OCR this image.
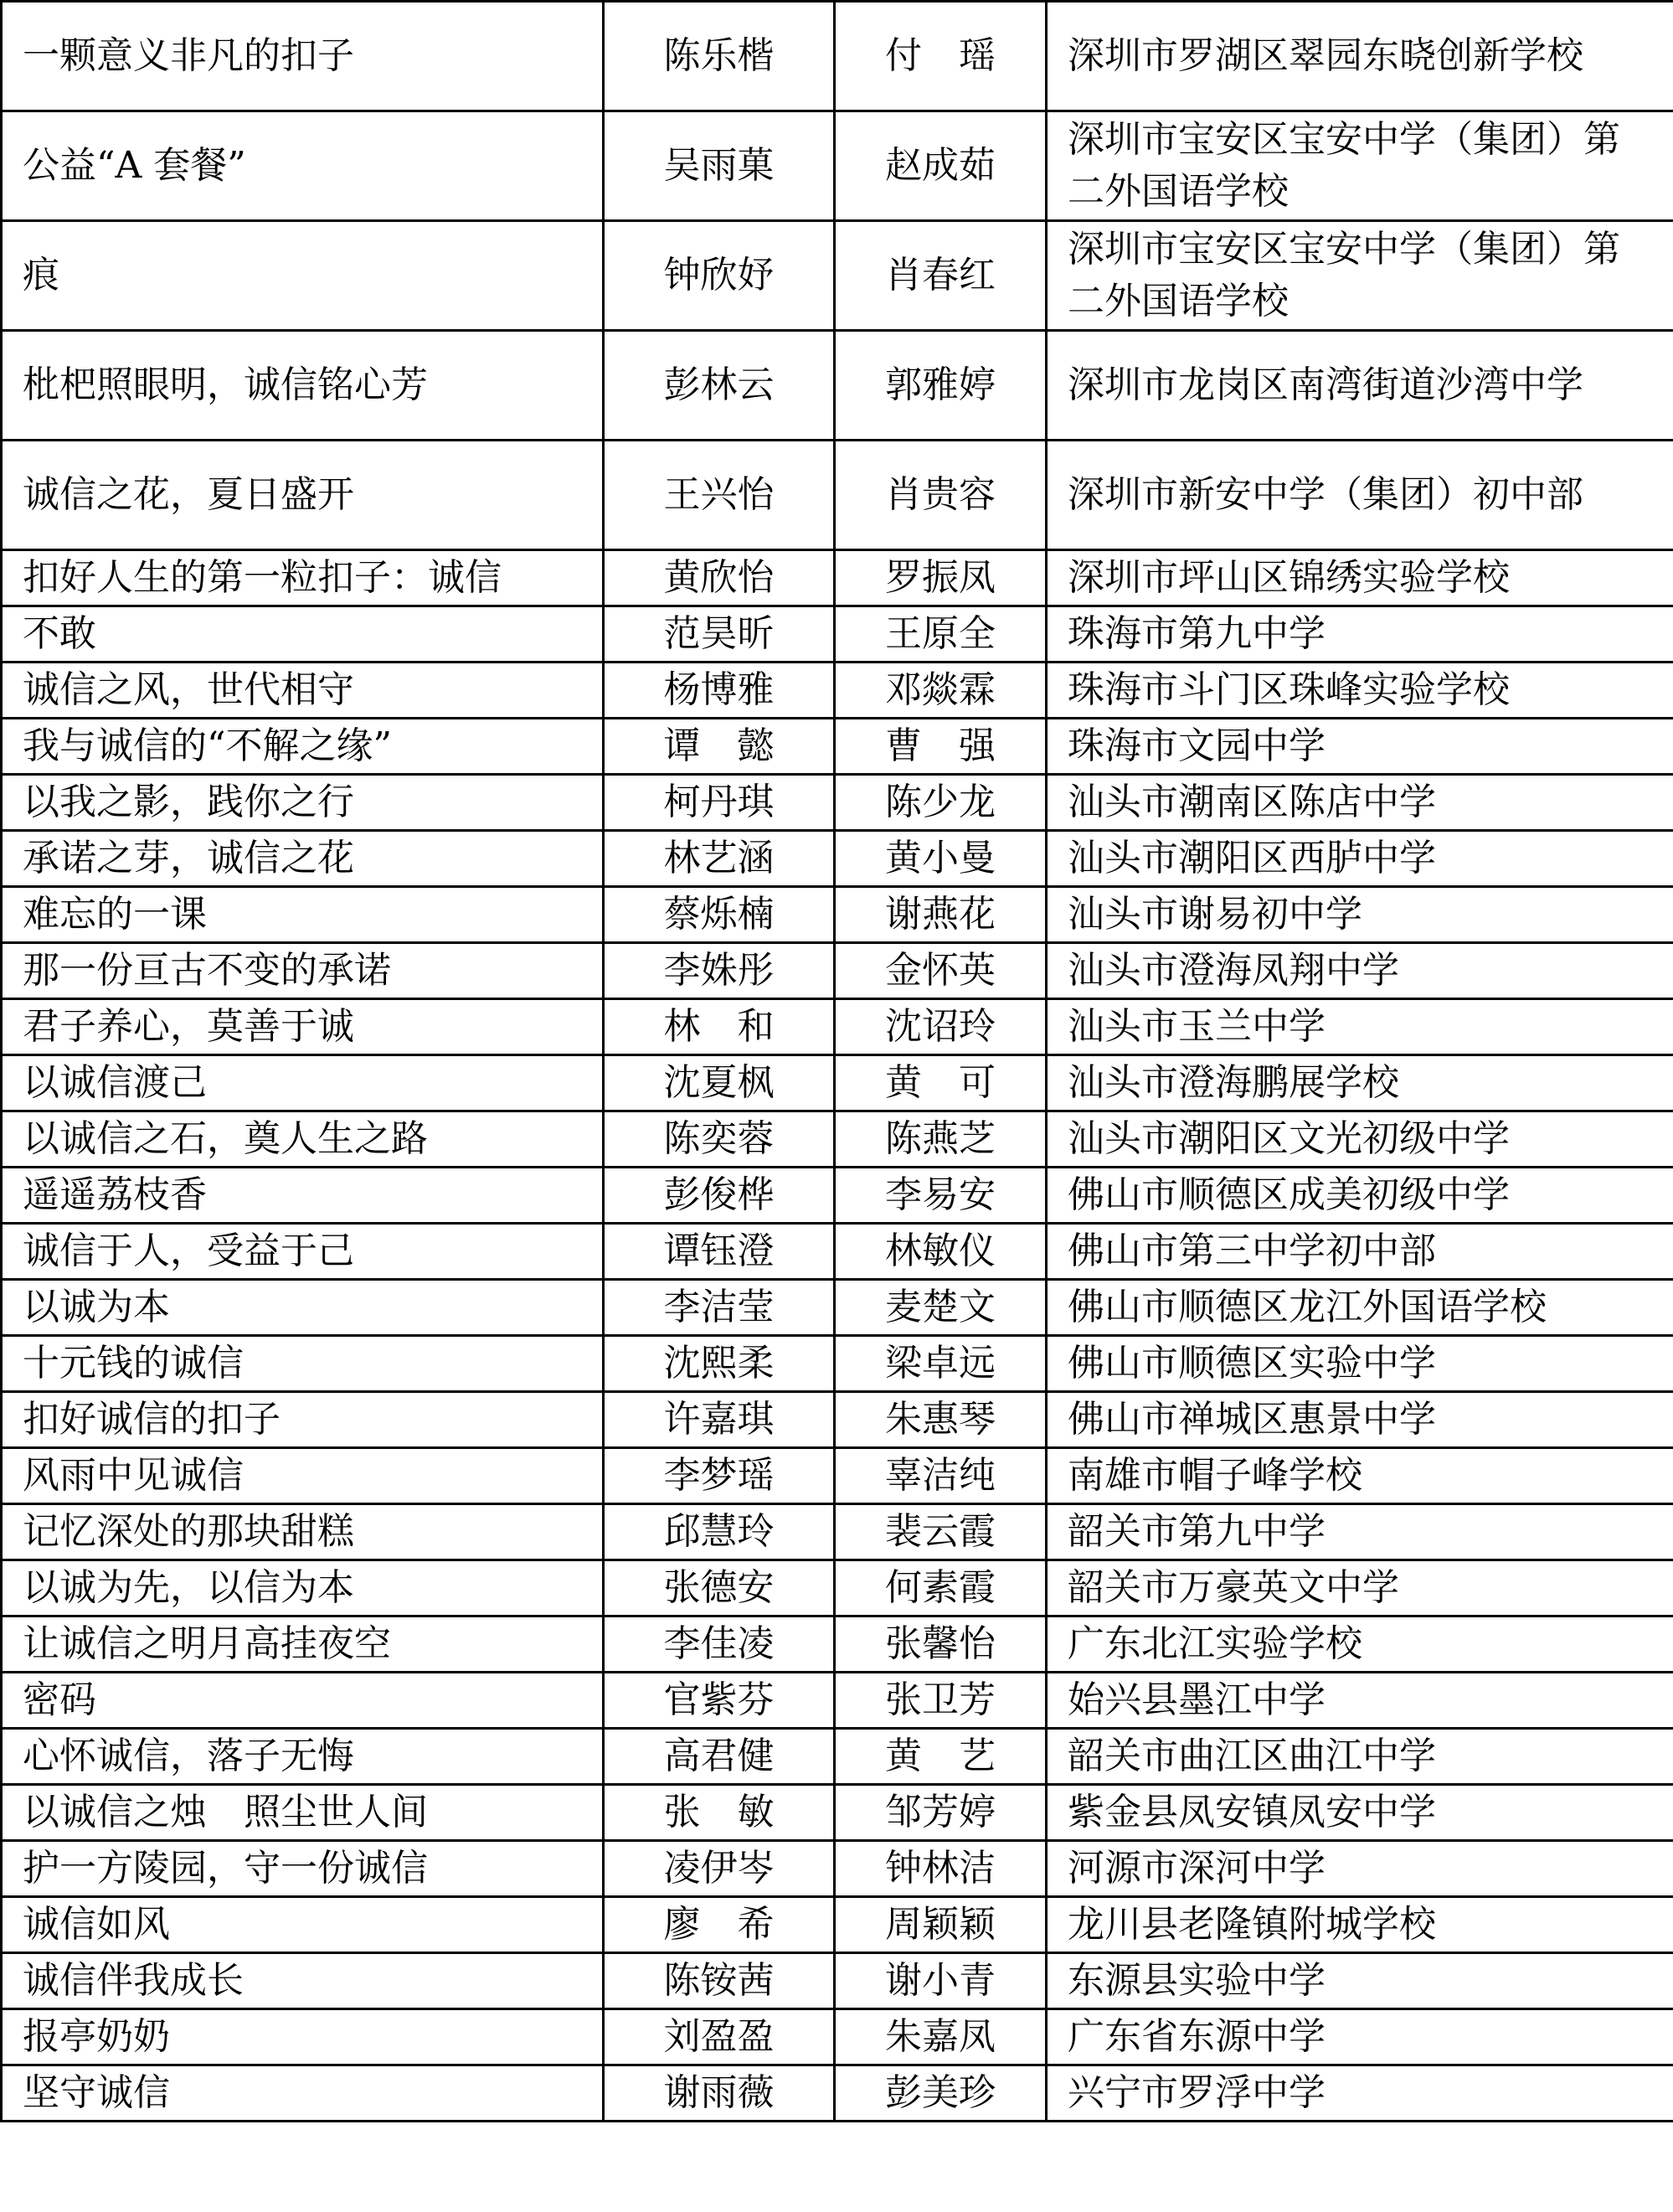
一颗意义非凡的扣子	陈乐楷	付　瑶	深圳市罗湖区翠园东晓创新学校
公益“A 套餐”	吴雨菓	赵成茹	深圳市宝安区宝安中学（集团）第二外国语学校
痕	钟欣妤	肖春红	深圳市宝安区宝安中学（集团）第二外国语学校
枇杷照眼明，诚信铭心芳	彭林云	郭雅婷	深圳市龙岗区南湾街道沙湾中学
诚信之花，夏日盛开	王兴怡	肖贵容	深圳市新安中学（集团）初中部
扣好人生的第一粒扣子：诚信	黄欣怡	罗振凤	深圳市坪山区锦绣实验学校
不敢	范昊昕	王原全	珠海市第九中学
诚信之风，世代相守	杨博雅	邓燚霖	珠海市斗门区珠峰实验学校
我与诚信的“不解之缘”	谭　懿	曹　强	珠海市文园中学
以我之影，践你之行	柯丹琪	陈少龙	汕头市潮南区陈店中学
承诺之芽，诚信之花	林艺涵	黄小曼	汕头市潮阳区西胪中学
难忘的一课	蔡烁楠	谢燕花	汕头市谢易初中学
那一份亘古不变的承诺	李姝彤	金怀英	汕头市澄海凤翔中学
君子养心，莫善于诚	林　和	沈诏玲	汕头市玉兰中学
以诚信渡己	沈夏枫	黄　可	汕头市澄海鹏展学校
以诚信之石，奠人生之路	陈奕蓉	陈燕芝	汕头市潮阳区文光初级中学
遥遥荔枝香	彭俊桦	李易安	佛山市顺德区成美初级中学
诚信于人，受益于己	谭钰澄	林敏仪	佛山市第三中学初中部
以诚为本	李洁莹	麦楚文	佛山市顺德区龙江外国语学校
十元钱的诚信	沈熙柔	梁卓远	佛山市顺德区实验中学
扣好诚信的扣子	许嘉琪	朱惠琴	佛山市禅城区惠景中学
风雨中见诚信	李梦瑶	辜洁纯	南雄市帽子峰学校
记忆深处的那块甜糕	邱慧玲	裴云霞	韶关市第九中学
以诚为先，以信为本	张德安	何素霞	韶关市万豪英文中学
让诚信之明月高挂夜空	李佳凌	张馨怡	广东北江实验学校
密码	官紫芬	张卫芳	始兴县墨江中学
心怀诚信，落子无悔	高君健	黄　艺	韶关市曲江区曲江中学
以诚信之烛　照尘世人间	张　敏	邹芳婷	紫金县凤安镇凤安中学
护一方陵园，守一份诚信	凌伊岑	钟林洁	河源市深河中学
诚信如风	廖　希	周颖颖	龙川县老隆镇附城学校
诚信伴我成长	陈铵茜	谢小青	东源县实验中学
报亭奶奶	刘盈盈	朱嘉凤	广东省东源中学
坚守诚信	谢雨薇	彭美珍	兴宁市罗浮中学
